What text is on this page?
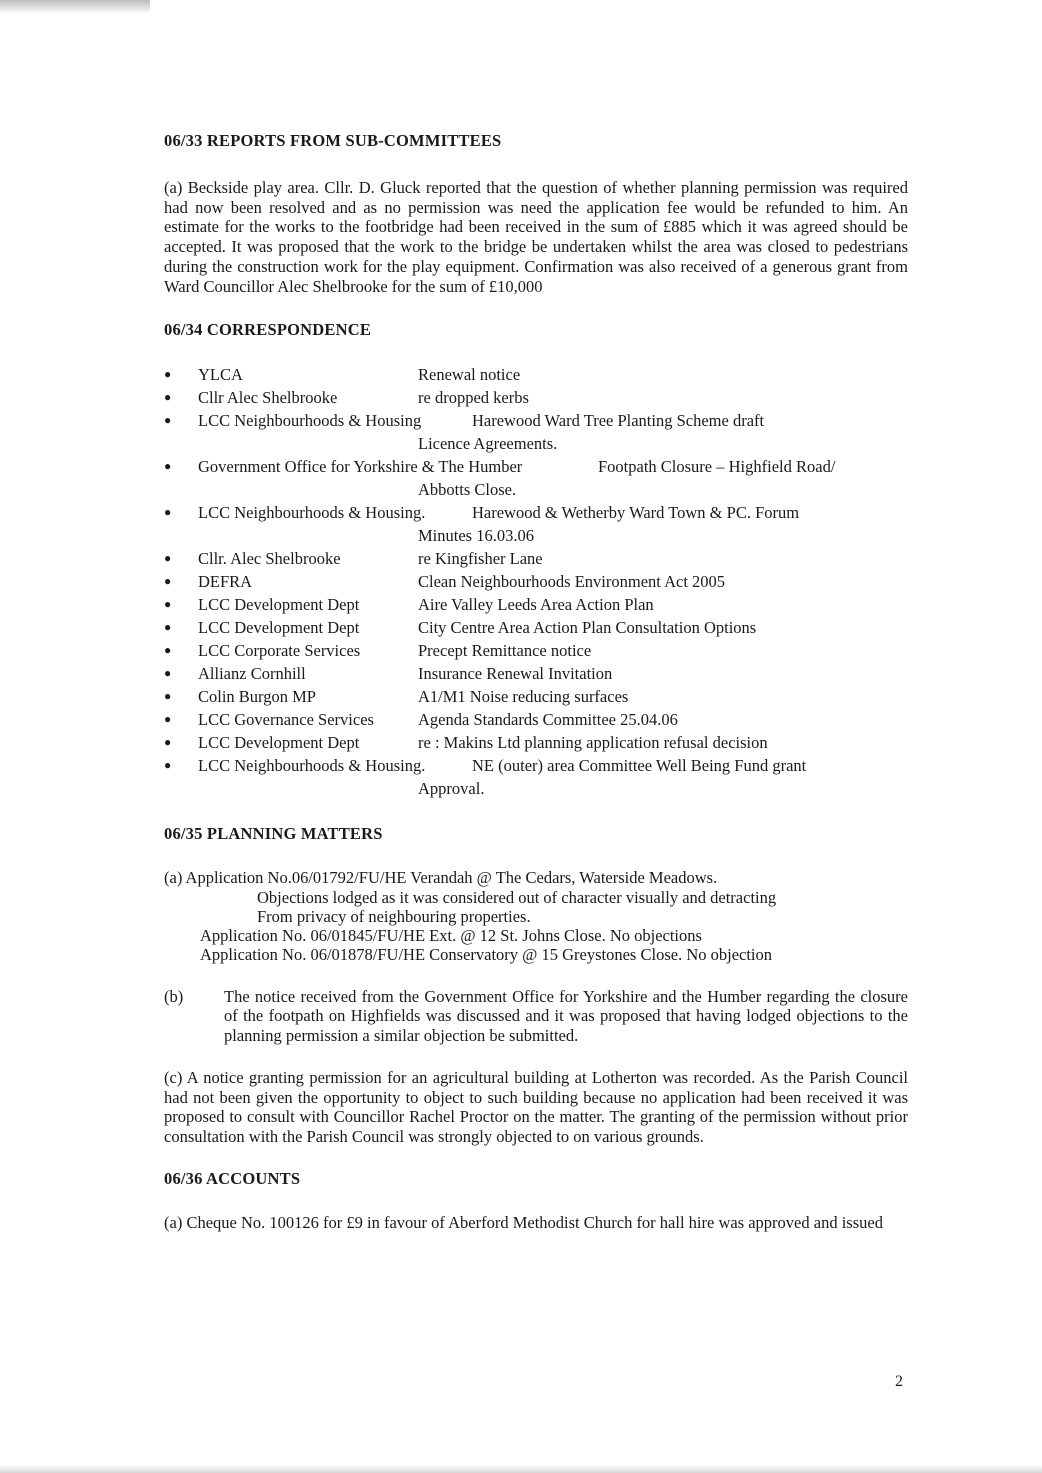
06/33 REPORTS FROM SUB-COMMITTEES

(a) Beckside play area. Cllr. D. Gluck reported that the question of whether planning permission was required had now been resolved and as no permission was need the application fee would be refunded to him. An estimate for the works to the footbridge had been received in the sum of £885 which it was agreed should be accepted. It was proposed that the work to the bridge be undertaken whilst the area was closed to pedestrians during the construction work for the play equipment. Confirmation was also received of a generous grant from Ward Councillor Alec Shelbrooke for the sum of £10,000

06/34 CORRESPONDENCE
● YLCA	Renewal notice
● Cllr Alec Shelbrooke	re dropped kerbs
● LCC Neighbourhoods & Housing	Harewood Ward Tree Planting Scheme draft
Licence Agreements.
● Government Office for Yorkshire & The Humber	Footpath Closure – Highfield Road/
Abbotts Close.
● LCC Neighbourhoods & Housing.	Harewood & Wetherby Ward Town & PC. Forum
Minutes 16.03.06
● Cllr. Alec Shelbrooke	re Kingfisher Lane
● DEFRA	Clean Neighbourhoods Environment Act 2005
● LCC Development Dept	Aire Valley Leeds Area Action Plan
● LCC Development Dept	City Centre Area Action Plan Consultation Options
● LCC Corporate Services	Precept Remittance notice
● Allianz Cornhill	Insurance Renewal Invitation
● Colin Burgon MP	A1/M1 Noise reducing surfaces
● LCC Governance Services	Agenda Standards Committee 25.04.06
● LCC Development Dept	re : Makins Ltd planning application refusal decision
● LCC Neighbourhoods & Housing.	NE (outer) area Committee Well Being Fund grant
Approval.
06/35 PLANNING MATTERS
(a) Application No.06/01792/FU/HE Verandah @ The Cedars, Waterside Meadows.
Objections lodged as it was considered out of character visually and detracting
From privacy of neighbouring properties.
Application No. 06/01845/FU/HE Ext. @ 12 St. Johns Close. No objections
Application No. 06/01878/FU/HE Conservatory @ 15 Greystones Close. No objection
(b) The notice received from the Government Office for Yorkshire and the Humber regarding the closure of the footpath on Highfields was discussed and it was proposed that having lodged objections to the planning permission a similar objection be submitted.

(c) A notice granting permission for an agricultural building at Lotherton was recorded. As the Parish Council had not been given the opportunity to object to such building because no application had been received it was proposed to consult with Councillor Rachel Proctor on the matter. The granting of the permission without prior consultation with the Parish Council was strongly objected to on various grounds.

06/36 ACCOUNTS

(a) Cheque No. 100126 for £9 in favour of Aberford Methodist Church for hall hire was approved and issued

2
